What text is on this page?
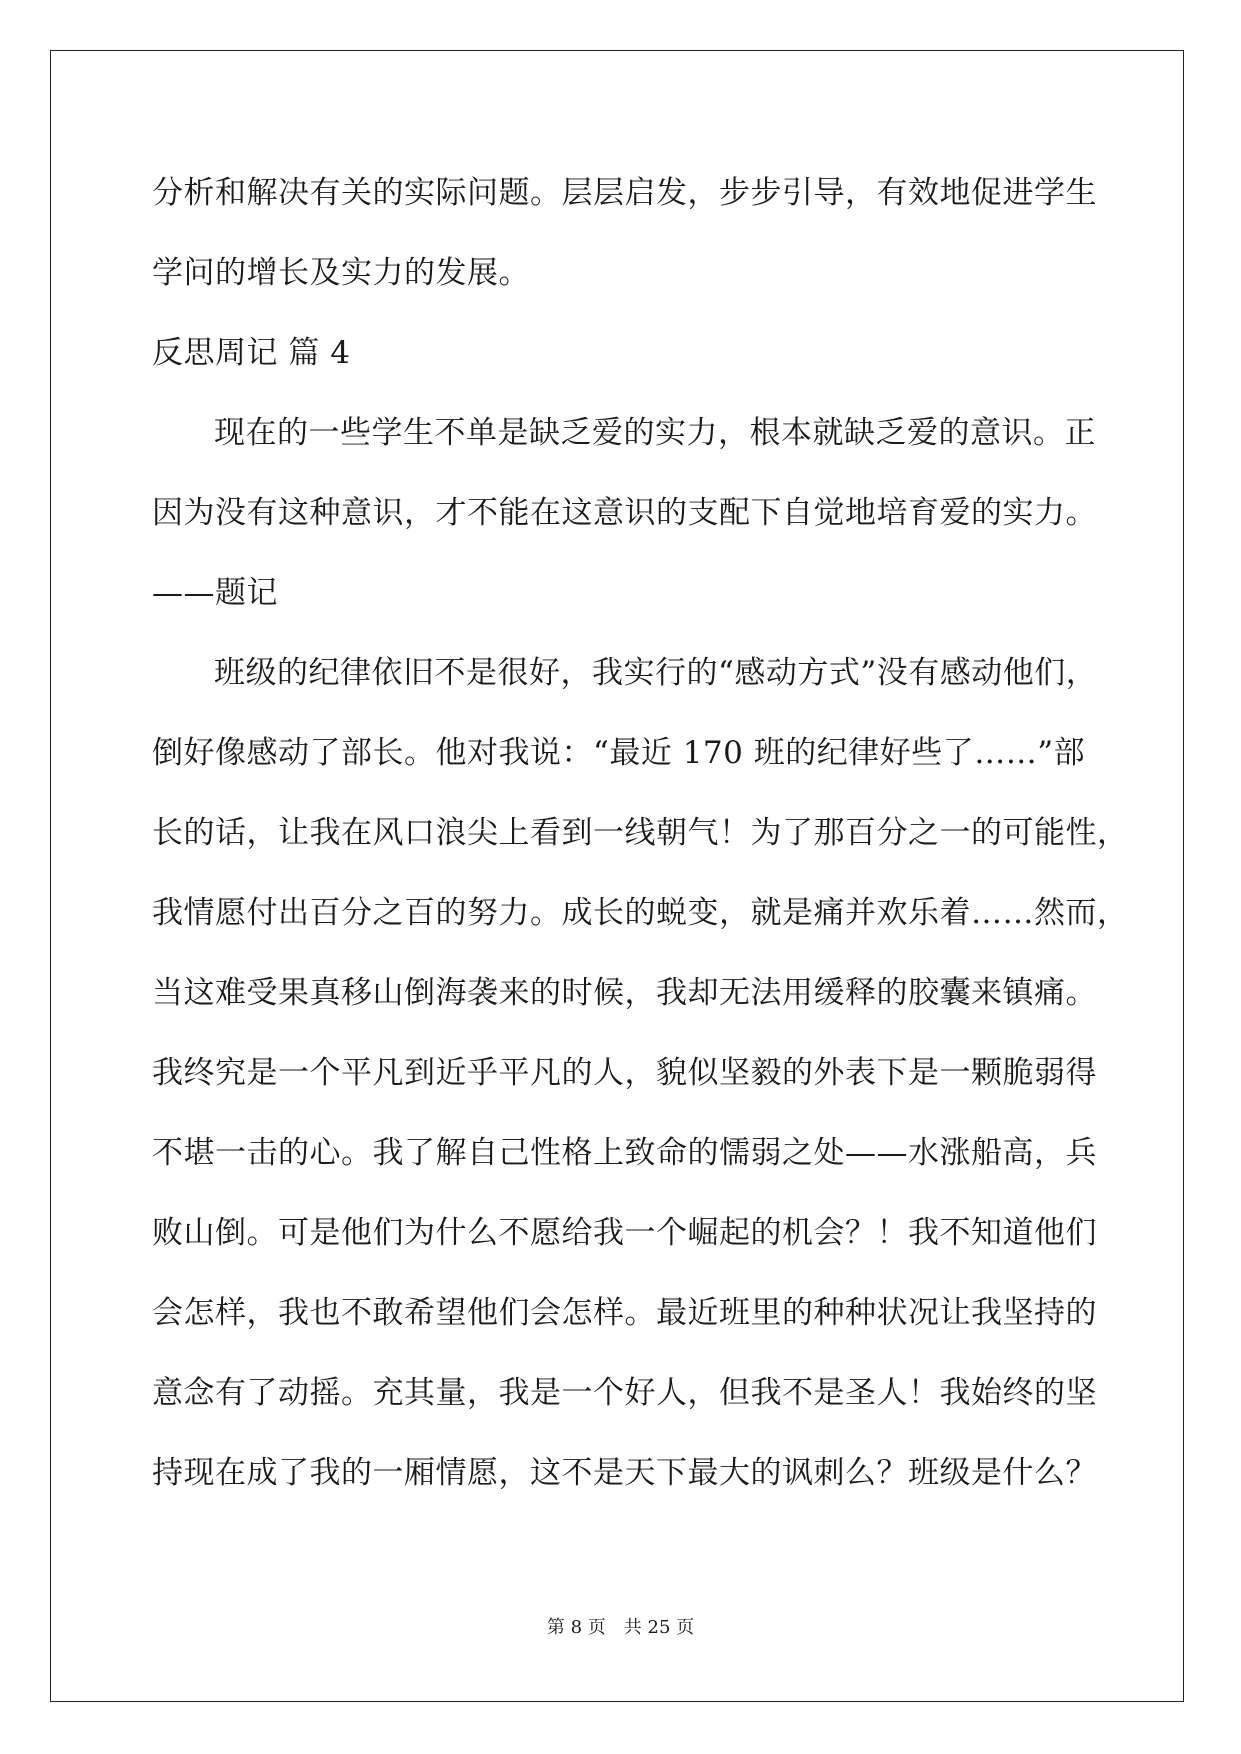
分析和解决有关的实际问题。层层启发，步步引导，有效地促进学生
学问的增长及实力的发展。
反思周记 篇 4
现在的一些学生不单是缺乏爱的实力，根本就缺乏爱的意识。正
因为没有这种意识，才不能在这意识的支配下自觉地培育爱的实力。
——题记
班级的纪律依旧不是很好，我实行的“感动方式”没有感动他们，
倒好像感动了部长。他对我说：“最近 170 班的纪律好些了……”部
长的话，让我在风口浪尖上看到一线朝气！为了那百分之一的可能性，
我情愿付出百分之百的努力。成长的蜕变，就是痛并欢乐着……然而，
当这难受果真移山倒海袭来的时候，我却无法用缓释的胶囊来镇痛。
我终究是一个平凡到近乎平凡的人，貌似坚毅的外表下是一颗脆弱得
不堪一击的心。我了解自己性格上致命的懦弱之处——水涨船高，兵
败山倒。可是他们为什么不愿给我一个崛起的机会？！我不知道他们
会怎样，我也不敢希望他们会怎样。最近班里的种种状况让我坚持的
意念有了动摇。充其量，我是一个好人，但我不是圣人！我始终的坚
持现在成了我的一厢情愿，这不是天下最大的讽刺么？班级是什么？
第 8 页 共 25 页
